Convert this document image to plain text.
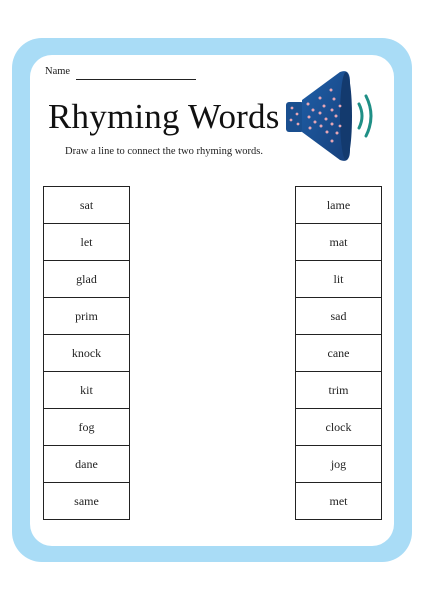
Name
Rhyming Words
Draw a line to connect the two rhyming words.
sat
let
glad
prim
knock
kit
fog
dane
same
lame
mat
lit
sad
cane
trim
clock
jog
met
